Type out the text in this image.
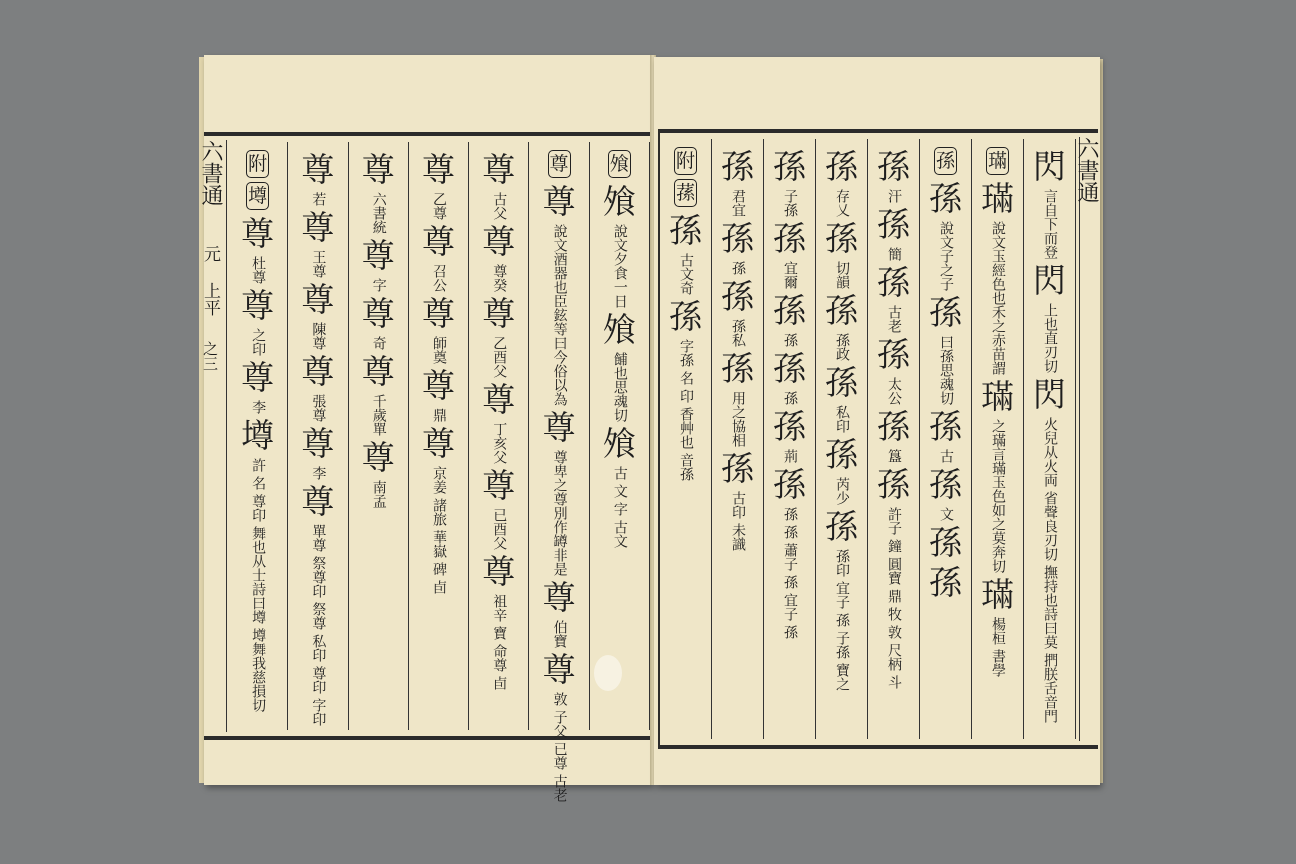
飧
飧
說文夕食一日
飧
餔也思魂切
飧
古
文
字
古文
尊
尊
說文酒器也臣鉉等曰今俗以為
尊
尊卑之尊別作罇非是
尊
伯寶
尊
敦
子父
已尊
古老
尊
古父
尊
尊癸
尊
乙酉父
尊
丁亥父
尊
已酉父
尊
祖辛
寶
命尊
卣
尊
乙尊
尊
召公
尊
師奠
尊
鼎
尊
京姜
諸旅
華嶽
碑
卣
尊
六書統
尊
字
尊
奇
尊
千歲單
尊
南孟
尊
若
尊
王尊
尊
陳尊
尊
張尊
尊
李
尊
單尊
祭尊印
祭尊
私印
尊印
字印
附
墫
尊
杜尊
尊
之印
尊
李
墫
許
名
尊印
舞也从士詩曰墫
墫舞我慈損切
六書通 元 上平 之三
閃
言自下而登
閃
上也直刃切
閃
火兒从火両
省聲良刃切
撫持也詩曰莫
捫朕舌音門
璊
璊
說文玉經色也禾之赤苗謂
璊
之璊言璊玉色如之莫奔切
璊
楊桓
書學
孫
孫
說文子之子
孫
曰孫思魂切
孫
古
孫
文
孫
孫
孫
汗
孫
簡
孫
古老
孫
太公
孫
簋
孫
許子
鐘
圓寶
鼎
牧
敦
尺柄
斗
孫
存乂
孫
切韻
孫
孫政
孫
私印
孫
芮少
孫
孫印
宜子
孫
子孫
寶之
孫
子孫
孫
宜爾
孫
孫
孫
孫
孫
荊
孫
孫
孫
蕭子
孫
宜子
孫
孫
君宜
孫
孫
孫
孫私
孫
用之協相
孫
古印
未識
附
蓀
孫
古文奇
孫
字孫
名
印
香艸也
音孫
六書通
